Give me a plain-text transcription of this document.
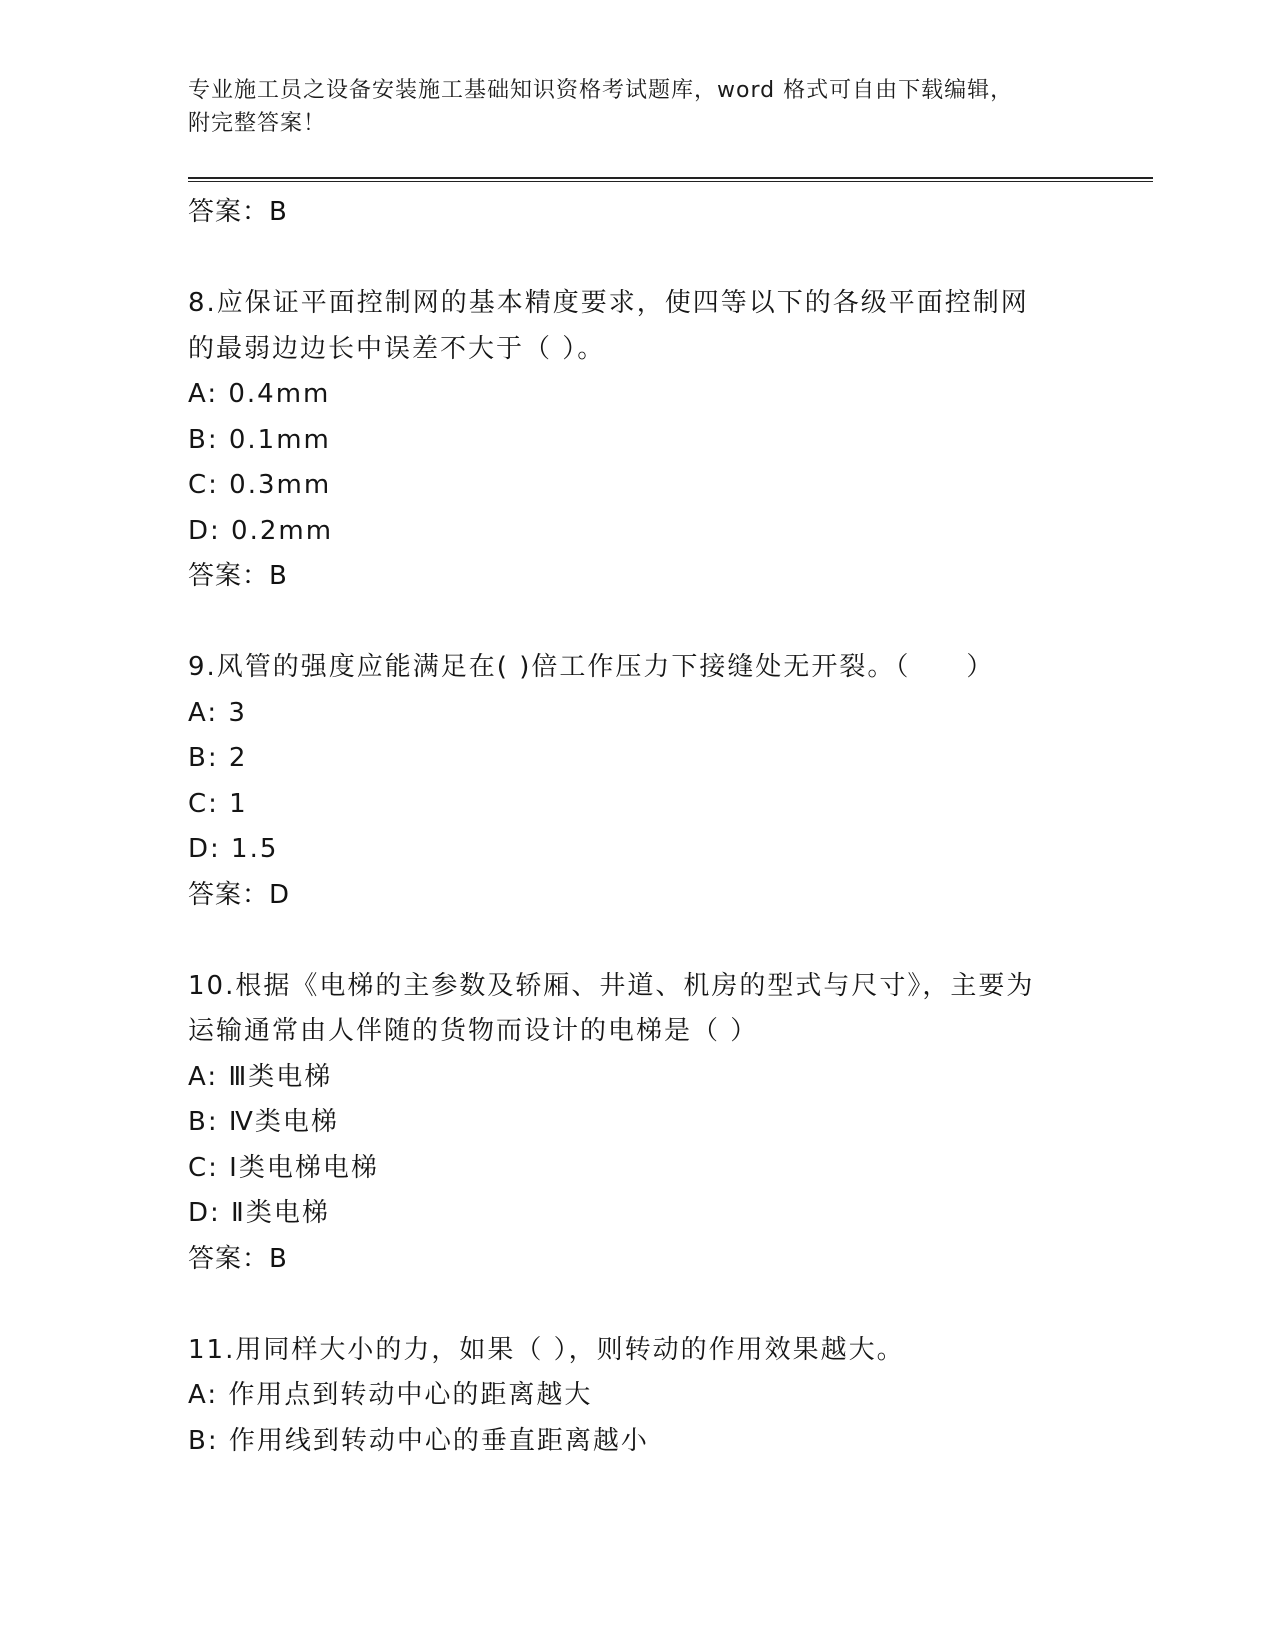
专业施工员之设备安装施工基础知识资格考试题库，word 格式可自由下载编辑，
附完整答案！
答案：B
8.应保证平面控制网的基本精度要求，使四等以下的各级平面控制网
的最弱边边长中误差不大于（ ）。
A: 0.4mm
B: 0.1mm
C: 0.3mm
D: 0.2mm
答案：B
9.风管的强度应能满足在( )倍工作压力下接缝处无开裂。（　　）
A: 3
B: 2
C: 1
D: 1.5
答案：D
10.根据《电梯的主参数及轿厢、井道、机房的型式与尺寸》，主要为
运输通常由人伴随的货物而设计的电梯是（ ）
A: Ⅲ类电梯
B: Ⅳ类电梯
C: Ⅰ类电梯电梯
D: Ⅱ类电梯
答案：B
11.用同样大小的力，如果（ ），则转动的作用效果越大。
A: 作用点到转动中心的距离越大
B: 作用线到转动中心的垂直距离越小
